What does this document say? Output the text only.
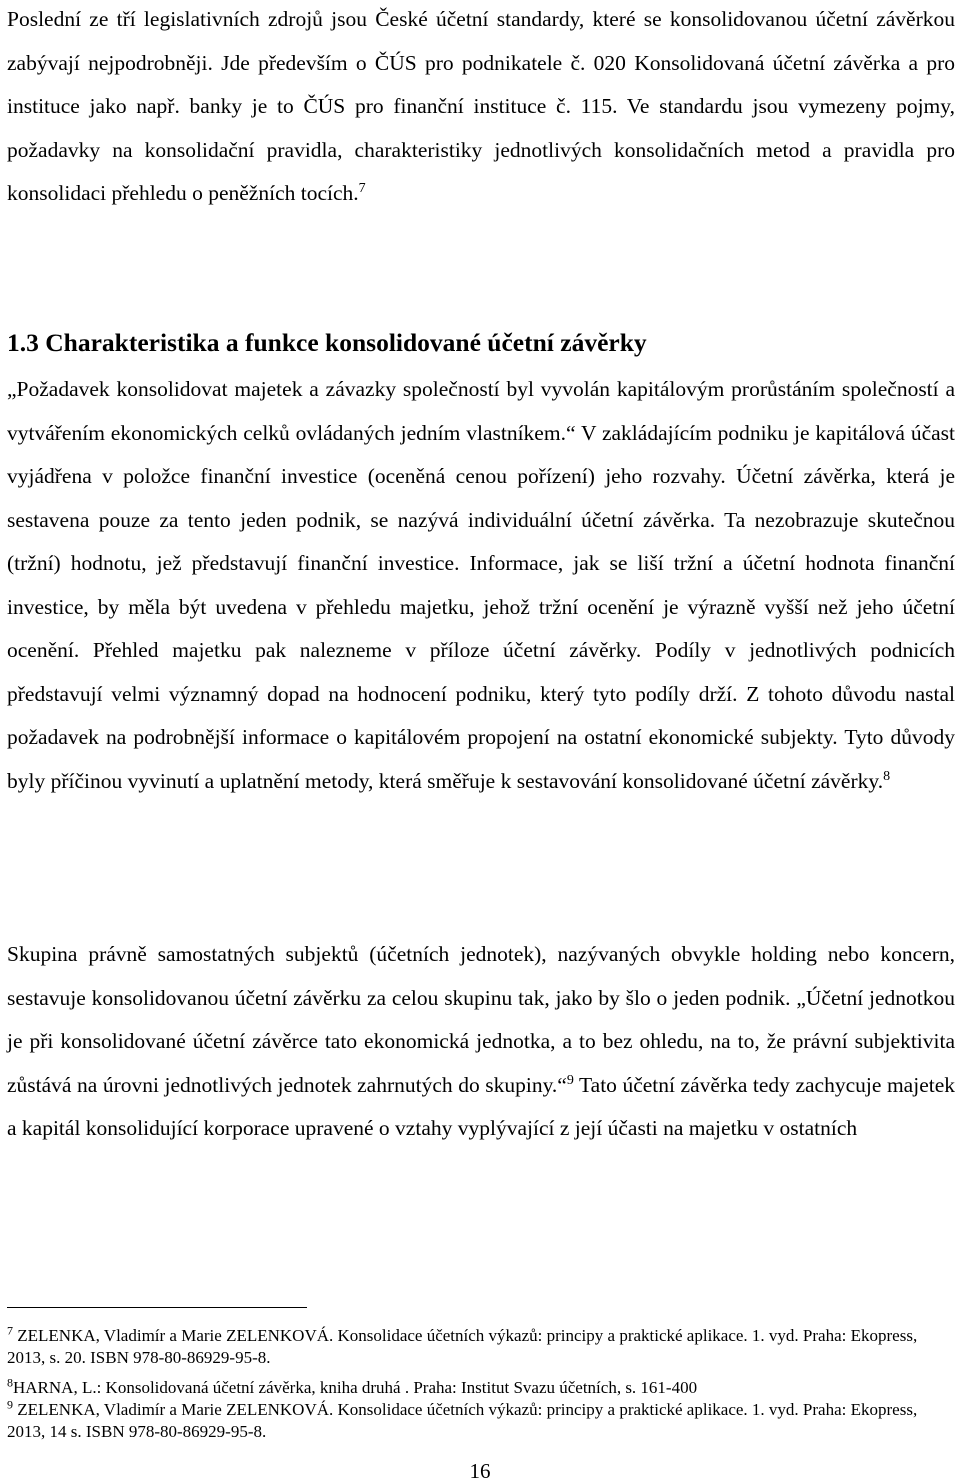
Poslední ze tří legislativních zdrojů jsou České účetní standardy, které se konsolidovanou účetní závěrkou zabývají nejpodrobněji. Jde především o ČÚS pro podnikatele č. 020 Konsolidovaná účetní závěrka a pro instituce jako např. banky je to ČÚS pro finanční instituce č. 115. Ve standardu jsou vymezeny pojmy, požadavky na konsolidační pravidla, charakteristiky jednotlivých konsolidačních metod a pravidla pro konsolidaci přehledu o peněžních tocích.$^7$

1.3 Charakteristika a funkce konsolidované účetní závěrky

„Požadavek konsolidovat majetek a závazky společností byl vyvolán kapitálovým prorůstáním společností a vytvářením ekonomických celků ovládaných jedním vlastníkem.“ V zakládajícím podniku je kapitálová účast vyjádřena v položce finanční investice (oceněná cenou pořízení) jeho rozvahy. Účetní závěrka, která je sestavena pouze za tento jeden podnik, se nazývá individuální účetní závěrka. Ta nezobrazuje skutečnou (tržní) hodnotu, jež představují finanční investice. Informace, jak se liší tržní a účetní hodnota finanční investice, by měla být uvedena v přehledu majetku, jehož tržní ocenění je výrazně vyšší než jeho účetní ocenění. Přehled majetku pak nalezneme v příloze účetní závěrky. Podíly v jednotlivých podnicích představují velmi významný dopad na hodnocení podniku, který tyto podíly drží. Z tohoto důvodu nastal požadavek na podrobnější informace o kapitálovém propojení na ostatní ekonomické subjekty. Tyto důvody byly příčinou vyvinutí a uplatnění metody, která směřuje k sestavování konsolidované účetní závěrky.$^8$

Skupina právně samostatných subjektů (účetních jednotek), nazývaných obvykle holding nebo koncern, sestavuje konsolidovanou účetní závěrku za celou skupinu tak, jako by šlo o jeden podnik. „Účetní jednotkou je při konsolidované účetní závěrce tato ekonomická jednotka, a to bez ohledu, na to, že právní subjektivita zůstává na úrovni jednotlivých jednotek zahrnutých do skupiny.“$^9$ Tato účetní závěrka tedy zachycuje majetek a kapitál konsolidující korporace upravené o vztahy vyplývající z její účasti na majetku v ostatních

$^7$ ZELENKA, Vladimír a Marie ZELENKOVÁ. Konsolidace účetních výkazů: principy a praktické aplikace. 1. vyd. Praha: Ekopress, 2013, s. 20. ISBN 978-80-86929-95-8.

$^8$HARNA, L.: Konsolidovaná účetní závěrka, kniha druhá . Praha: Institut Svazu účetních, s. 161-400

$^9$ ZELENKA, Vladimír a Marie ZELENKOVÁ. Konsolidace účetních výkazů: principy a praktické aplikace. 1. vyd. Praha: Ekopress, 2013, 14 s. ISBN 978-80-86929-95-8.

16
